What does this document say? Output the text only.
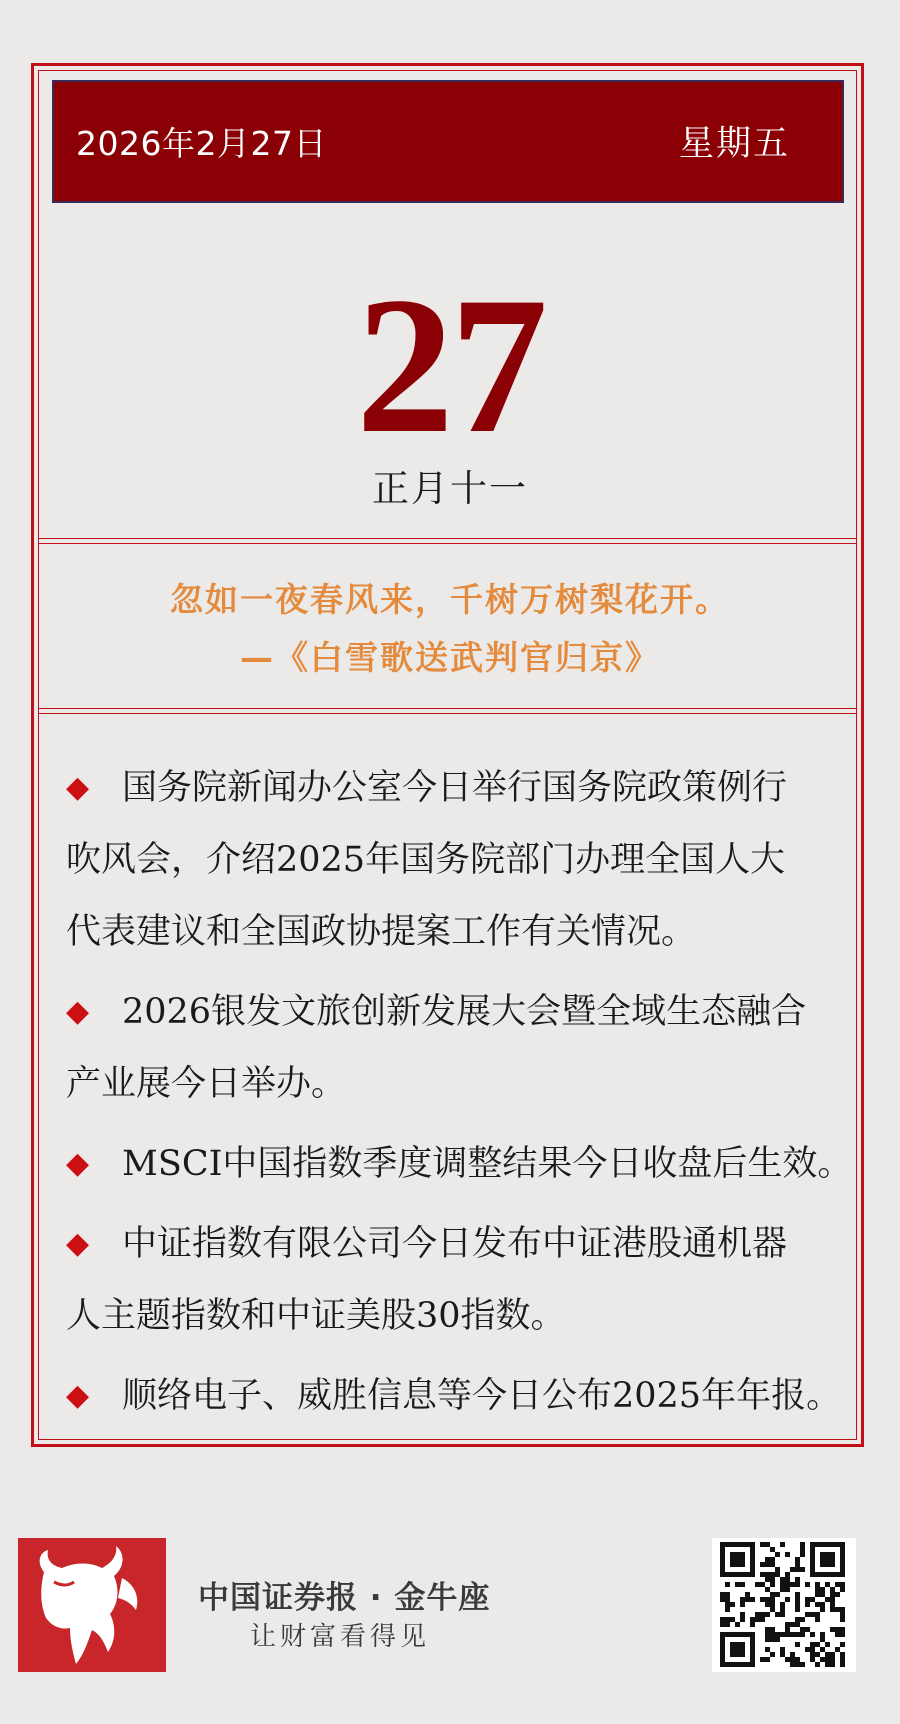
2026年2月27日	星期五
27
正月十一
忽如一夜春风来，千树万树梨花开。
—《白雪歌送武判官归京》
◆ 国务院新闻办公室今日举行国务院政策例行
吹风会，介绍2025年国务院部门办理全国人大
代表建议和全国政协提案工作有关情况。
◆ 2026银发文旅创新发展大会暨全域生态融合
产业展今日举办。
◆ MSCI中国指数季度调整结果今日收盘后生效。
◆ 中证指数有限公司今日发布中证港股通机器
人主题指数和中证美股30指数。
◆ 顺络电子、威胜信息等今日公布2025年年报。
中国证券报 · 金牛座
让财富看得见
